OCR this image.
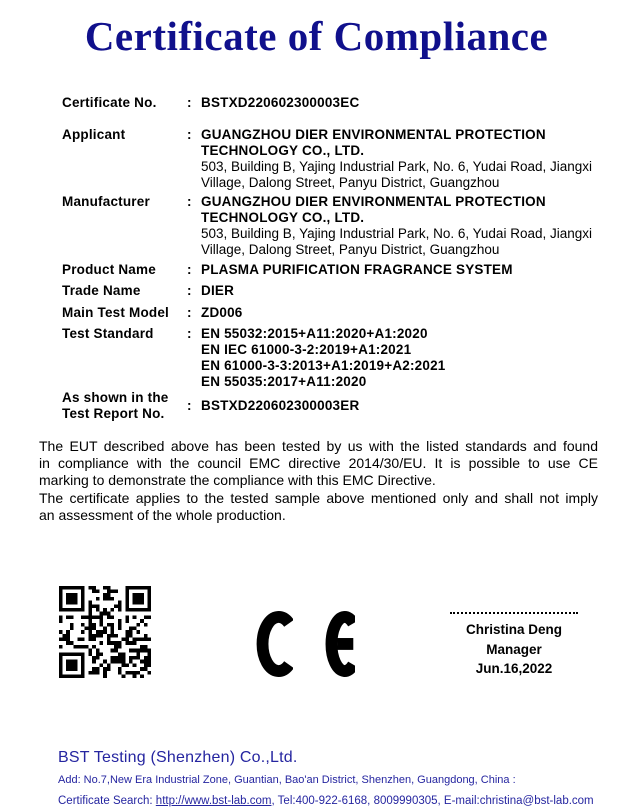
Certificate of Compliance
Certificate No.	: BSTXD220602300003EC
Applicant	: GUANGZHOU DIER ENVIRONMENTAL PROTECTION
TECHNOLOGY CO., LTD.
503, Building B, Yajing Industrial Park, No. 6, Yudai Road, Jiangxi
Village, Dalong Street, Panyu District, Guangzhou
Manufacturer	: GUANGZHOU DIER ENVIRONMENTAL PROTECTION
TECHNOLOGY CO., LTD.
503, Building B, Yajing Industrial Park, No. 6, Yudai Road, Jiangxi
Village, Dalong Street, Panyu District, Guangzhou
Product Name	: PLASMA PURIFICATION FRAGRANCE SYSTEM
Trade Name	: DIER
Main Test Model	: ZD006
Test Standard	: EN 55032:2015+A11:2020+A1:2020
EN IEC 61000-3-2:2019+A1:2021
EN 61000-3-3:2013+A1:2019+A2:2021
EN 55035:2017+A11:2020
As shown in the
Test Report No.
: BSTXD220602300003ER
The EUT described above has been tested by us with the listed standards and found
in compliance with the council EMC directive 2014/30/EU. It is possible to use CE
marking to demonstrate the compliance with this EMC Directive.
The certificate applies to the tested sample above mentioned only and shall not imply
an assessment of the whole production.
Christina Deng
Manager
Jun.16,2022
BST Testing (Shenzhen) Co.,Ltd.
Add: No.7,New Era Industrial Zone, Guantian, Bao'an District, Shenzhen, Guangdong, China :
Certificate Search: http://www.bst-lab.com, Tel:400-922-6168, 8009990305, E-mail:christina@bst-lab.com
